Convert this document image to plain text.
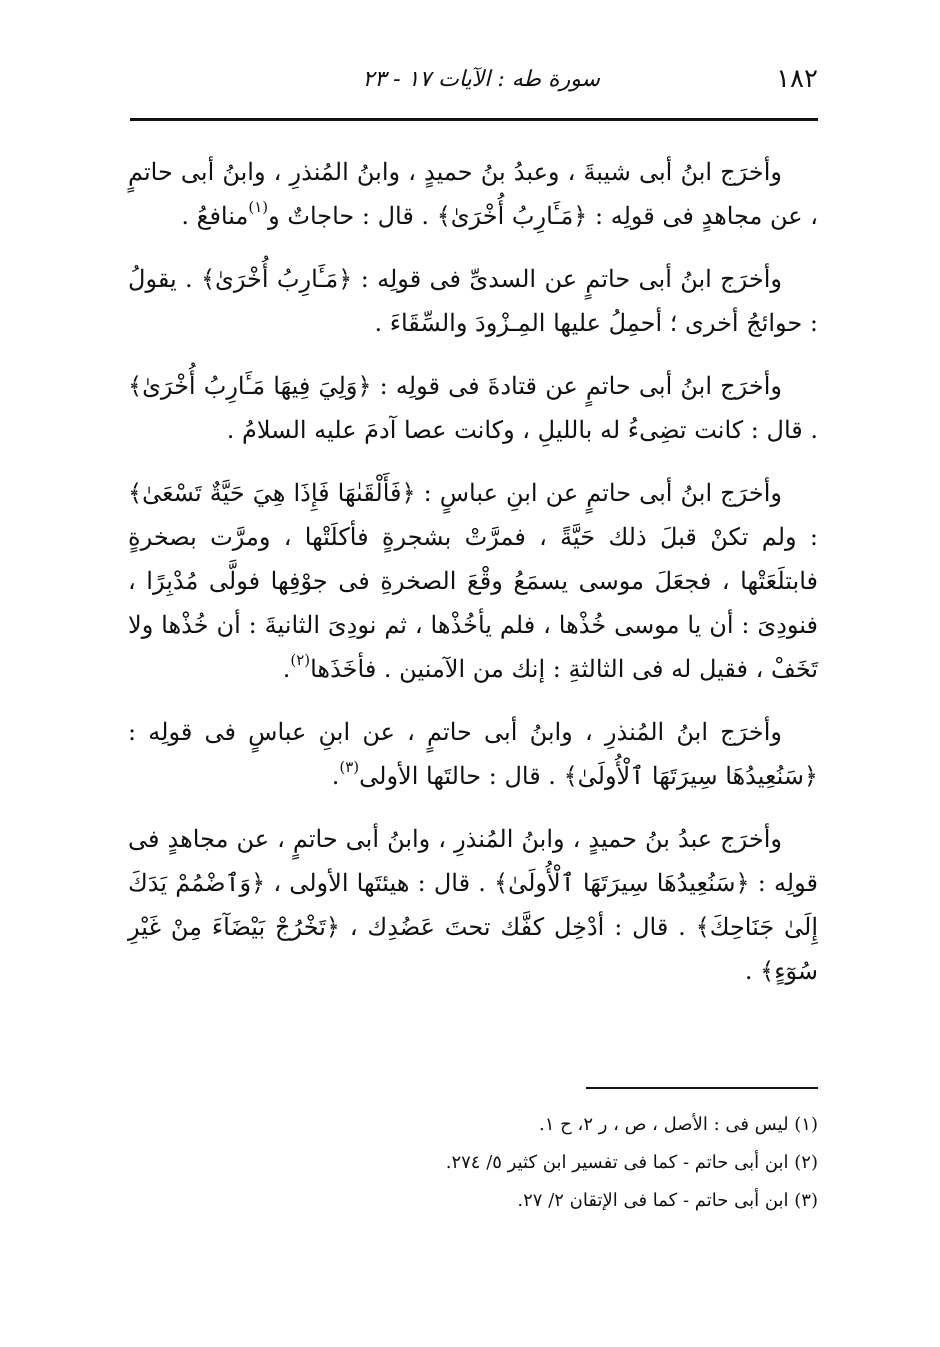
١٨٢
سورة طه : الآيات ١٧ - ٢٣

وأخرَج ابنُ أبى شيبةَ ، وعبدُ بنُ حميدٍ ، وابنُ المُنذرِ ، وابنُ أبى حاتمٍ ، عن مجاهدٍ فى قولِه : ﴿مَـَٔارِبُ أُخْرَىٰ﴾ . قال : حاجاتٌ و$^{(١)}$منافعُ .

وأخرَج ابنُ أبى حاتمٍ عن السدىِّ فى قولِه : ﴿مَـَٔارِبُ أُخْرَىٰ﴾ . يقولُ : حوائجُ أخرى ؛ أحمِلُ عليها المِـزْودَ والسِّقَاءَ .

وأخرَج ابنُ أبى حاتمٍ عن قتادةَ فى قولِه : ﴿وَلِيَ فِيهَا مَـَٔارِبُ أُخْرَىٰ﴾ . قال : كانت تضِىءُ له بالليلِ ، وكانت عصا آدمَ عليه السلامُ .

وأخرَج ابنُ أبى حاتمٍ عن ابنِ عباسٍ : ﴿فَأَلْقَىٰهَا فَإِذَا هِيَ حَيَّةٌ تَسْعَىٰ﴾ : ولم تكنْ قبلَ ذلك حَيَّةً ، فمرَّتْ بشجرةٍ فأكلَتْها ، ومرَّت بصخرةٍ فابتلَعَتْها ، فجعَلَ موسى يسمَعُ وقْعَ الصخرةِ فى جوْفِها فولَّى مُدْبِرًا ، فنودِىَ : أن يا موسى خُذْها ، فلم يأخُذْها ، ثم نودِىَ الثانيةَ : أن خُذْها ولا تَخَفْ ، فقيل له فى الثالثةِ : إنك من الآمنين . فأخَذَها$^{(٢)}$.

وأخرَج ابنُ المُنذرِ ، وابنُ أبى حاتمٍ ، عن ابنِ عباسٍ فى قولِه : ﴿سَنُعِيدُهَا سِيرَتَهَا ٱلْأُولَىٰ﴾ . قال : حالتَها الأولى$^{(٣)}$.

وأخرَج عبدُ بنُ حميدٍ ، وابنُ المُنذرِ ، وابنُ أبى حاتمٍ ، عن مجاهدٍ فى قولِه : ﴿سَنُعِيدُهَا سِيرَتَهَا ٱلْأُولَىٰ﴾ . قال : هيئتَها الأولى ، ﴿وَٱضْمُمْ يَدَكَ إِلَىٰ جَنَاحِكَ﴾ . قال : أدْخِل كفَّك تحتَ عَضُدِك ، ﴿تَخْرُجْ بَيْضَآءَ مِنْ غَيْرِ سُوٓءٍ﴾ .

(١) ليس فى : الأصل ، ص ، ر ٢، ح ١.

(٢) ابن أبى حاتم - كما فى تفسير ابن كثير ٥/ ٢٧٤.

(٣) ابن أبى حاتم - كما فى الإتقان ٢/ ٢٧.
